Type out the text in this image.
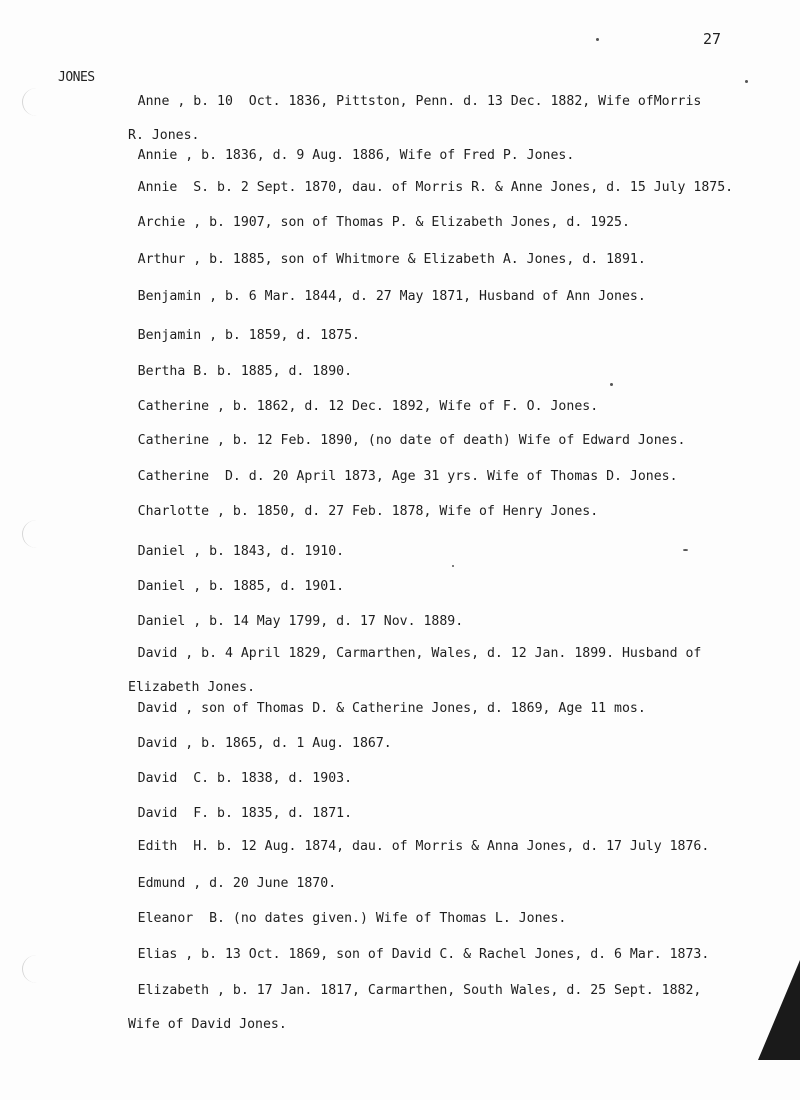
27
JONES

Anne , b. 10  Oct. 1836, Pittston, Penn. d. 13 Dec. 1882, Wife ofMorris

R. Jones.

Annie , b. 1836, d. 9 Aug. 1886, Wife of Fred P. Jones.

Annie  S. b. 2 Sept. 1870, dau. of Morris R. & Anne Jones, d. 15 July 1875.

Archie , b. 1907, son of Thomas P. & Elizabeth Jones, d. 1925.

Arthur , b. 1885, son of Whitmore & Elizabeth A. Jones, d. 1891.

Benjamin , b. 6 Mar. 1844, d. 27 May 1871, Husband of Ann Jones.

Benjamin , b. 1859, d. 1875.

Bertha B. b. 1885, d. 1890.

Catherine , b. 1862, d. 12 Dec. 1892, Wife of F. O. Jones.

Catherine , b. 12 Feb. 1890, (no date of death) Wife of Edward Jones.

Catherine  D. d. 20 April 1873, Age 31 yrs. Wife of Thomas D. Jones.

Charlotte , b. 1850, d. 27 Feb. 1878, Wife of Henry Jones.

Daniel , b. 1843, d. 1910.

Daniel , b. 1885, d. 1901.

Daniel , b. 14 May 1799, d. 17 Nov. 1889.

David , b. 4 April 1829, Carmarthen, Wales, d. 12 Jan. 1899. Husband of

Elizabeth Jones.

David , son of Thomas D. & Catherine Jones, d. 1869, Age 11 mos.

David , b. 1865, d. 1 Aug. 1867.

David  C. b. 1838, d. 1903.

David  F. b. 1835, d. 1871.

Edith  H. b. 12 Aug. 1874, dau. of Morris & Anna Jones, d. 17 July 1876.

Edmund , d. 20 June 1870.

Eleanor  B. (no dates given.) Wife of Thomas L. Jones.

Elias , b. 13 Oct. 1869, son of David C. & Rachel Jones, d. 6 Mar. 1873.

Elizabeth , b. 17 Jan. 1817, Carmarthen, South Wales, d. 25 Sept. 1882,

Wife of David Jones.
